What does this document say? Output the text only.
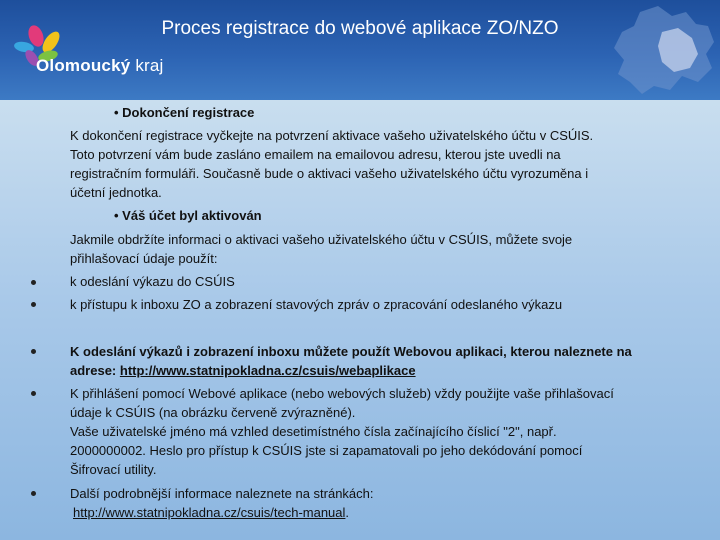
Proces registrace do webové aplikace ZO/NZO
Olomoucký kraj
• Dokončení registrace
K dokončení registrace vyčkejte na potvrzení aktivace vašeho uživatelského účtu v CSÚIS.
Toto potvrzení vám bude zasláno emailem na emailovou adresu, kterou jste uvedli na
registračním formuláři. Současně bude o aktivaci vašeho uživatelského účtu vyrozuměna i
účetní jednotka.
• Váš účet byl aktivován
Jakmile obdržíte informaci o aktivaci vašeho uživatelského účtu v CSÚIS, můžete svoje
přihlašovací údaje použít:
k odeslání výkazu do CSÚIS
k přístupu k inboxu ZO a zobrazení stavových zpráv o zpracování odeslaného výkazu
K odeslání výkazů i zobrazení inboxu můžete použít Webovou aplikaci, kterou naleznete na
adrese: http://www.statnipokladna.cz/csuis/webaplikace
K přihlášení pomocí Webové aplikace (nebo webových služeb) vždy použijte vaše přihlašovací
údaje k CSÚIS (na obrázku červeně zvýrazněné).
Vaše uživatelské jméno má vzhled desetimístného čísla začínajícího číslicí "2", např.
2000000002. Heslo pro přístup k CSÚIS jste si zapamatovali po jeho dekódování pomocí
Šifrovací utility.
Další podrobnější informace naleznete na stránkách:
http://www.statnipokladna.cz/csuis/tech-manual.
